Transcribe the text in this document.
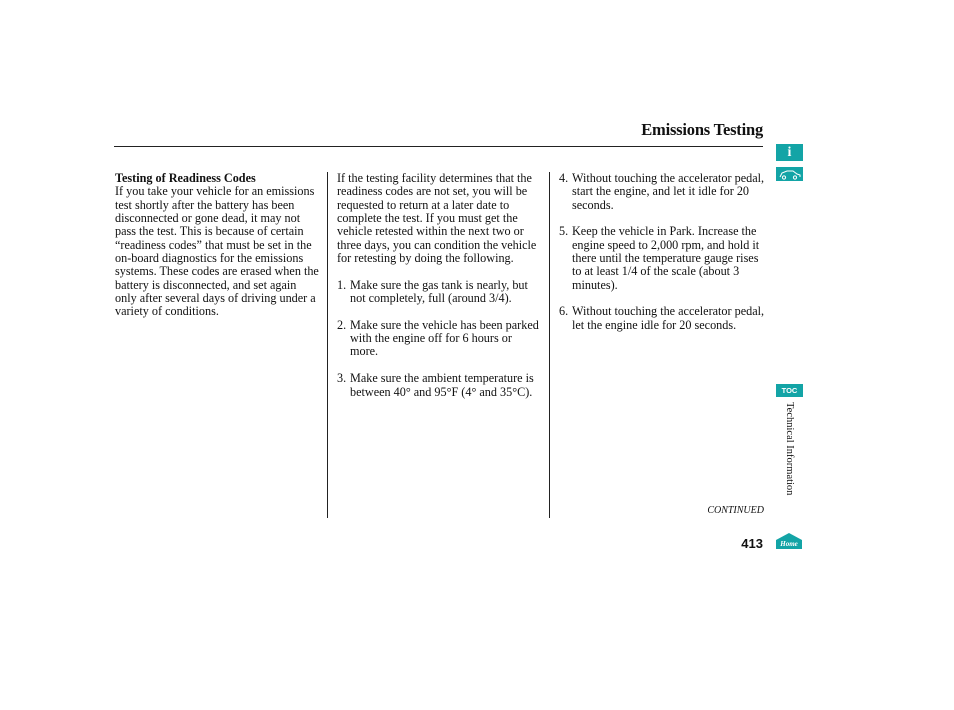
Emissions Testing
Testing of Readiness Codes

If you take your vehicle for an emissions test shortly after the battery has been disconnected or gone dead, it may not pass the test. This is because of certain “readiness codes” that must be set in the on-board diagnostics for the emissions systems. These codes are erased when the battery is disconnected, and set again only after several days of driving under a variety of conditions.

If the testing facility determines that the readiness codes are not set, you will be requested to return at a later date to complete the test. If you must get the vehicle retested within the next two or three days, you can condition the vehicle for retesting by doing the following.

1. Make sure the gas tank is nearly, but not completely, full (around 3/4).
2. Make sure the vehicle has been parked with the engine off for 6 hours or more.
3. Make sure the ambient temperature is between 40° and 95°F (4° and 35°C).
4. Without touching the accelerator pedal, start the engine, and let it idle for 20 seconds.
5. Keep the vehicle in Park. Increase the engine speed to 2,000 rpm, and hold it there until the temperature gauge rises to at least 1/4 of the scale (about 3 minutes).
6. Without touching the accelerator pedal, let the engine idle for 20 seconds.
CONTINUED
413
i
TOC
Technical Information
Home
